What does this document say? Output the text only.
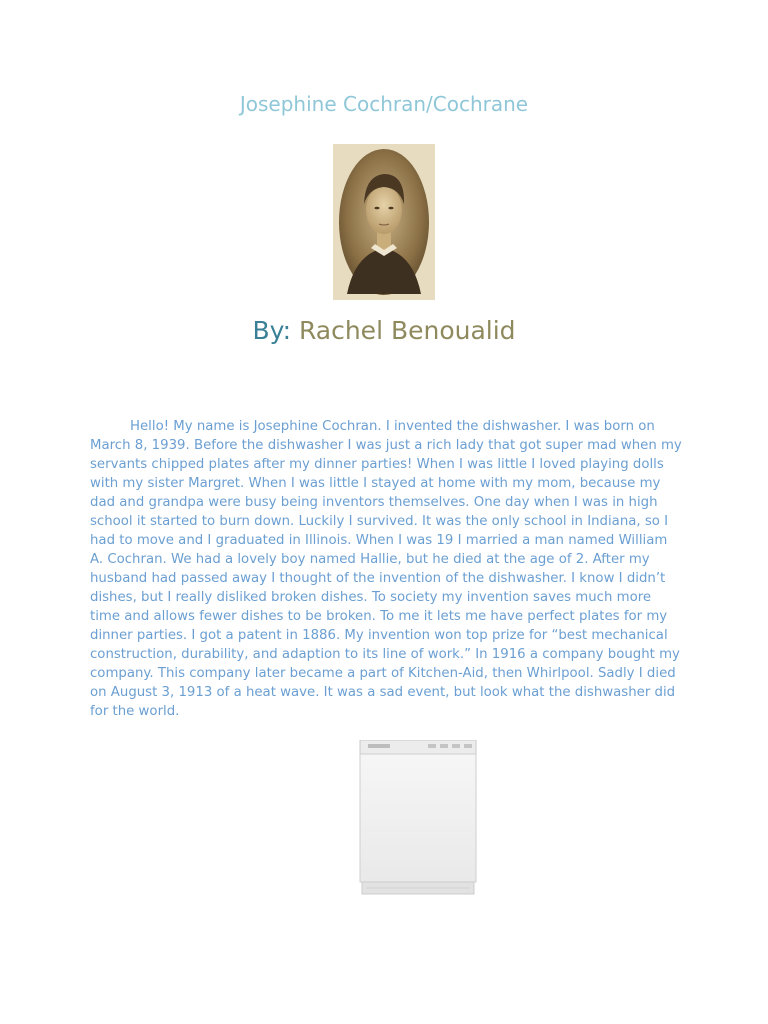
Josephine Cochran/Cochrane

By: Rachel Benoualid

Hello! My name is Josephine Cochran. I invented the dishwasher. I was born on March 8, 1939. Before the dishwasher I was just a rich lady that got super mad when my servants chipped plates after my dinner parties! When I was little I loved playing dolls with my sister Margret. When I was little I stayed at home with my mom, because my dad and grandpa were busy being inventors themselves. One day when I was in high school it started to burn down. Luckily I survived. It was the only school in Indiana, so I had to move and I graduated in Illinois. When I was 19 I married a man named William A. Cochran. We had a lovely boy named Hallie, but he died at the age of 2. After my husband had passed away I thought of the invention of the dishwasher. I know I didn’t dishes, but I really disliked broken dishes. To society my invention saves much more time and allows fewer dishes to be broken. To me it lets me have perfect plates for my dinner parties. I got a patent in 1886. My invention won top prize for “best mechanical construction, durability, and adaption to its line of work.” In 1916 a company bought my company. This company later became a part of Kitchen-Aid, then Whirlpool. Sadly I died on August 3, 1913 of a heat wave. It was a sad event, but look what the dishwasher did for the world.
